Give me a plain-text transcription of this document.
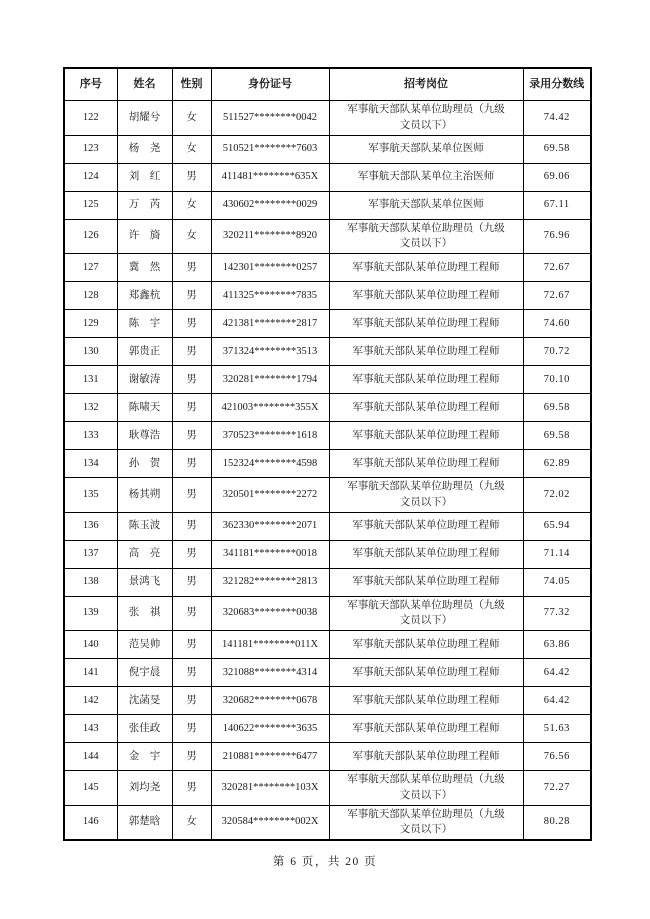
序号	姓名	性别	身份证号	招考岗位	录用分数线
122	胡耀兮	女	511527********0042	军事航天部队某单位助理员（九级文员以下）	74.42
123	杨　尧	女	510521********7603	军事航天部队某单位医师	69.58
124	刘　红	男	411481********635X	军事航天部队某单位主治医师	69.06
125	万　芮	女	430602********0029	军事航天部队某单位医师	67.11
126	许　旖	女	320211********8920	军事航天部队某单位助理员（九级文员以下）	76.96
127	冀　然	男	142301********0257	军事航天部队某单位助理工程师	72.67
128	郑鑫杭	男	411325********7835	军事航天部队某单位助理工程师	72.67
129	陈　宇	男	421381********2817	军事航天部队某单位助理工程师	74.60
130	郭贵正	男	371324********3513	军事航天部队某单位助理工程师	70.72
131	谢敏涛	男	320281********1794	军事航天部队某单位助理工程师	70.10
132	陈啸天	男	421003********355X	军事航天部队某单位助理工程师	69.58
133	耿尊浩	男	370523********1618	军事航天部队某单位助理工程师	69.58
134	孙　贺	男	152324********4598	军事航天部队某单位助理工程师	62.89
135	杨其朔	男	320501********2272	军事航天部队某单位助理员（九级文员以下）	72.02
136	陈玉波	男	362330********2071	军事航天部队某单位助理工程师	65.94
137	高　亮	男	341181********0018	军事航天部队某单位助理工程师	71.14
138	景鸿飞	男	321282********2813	军事航天部队某单位助理工程师	74.05
139	张　祺	男	320683********0038	军事航天部队某单位助理员（九级文员以下）	77.32
140	范吴帅	男	141181********011X	军事航天部队某单位助理工程师	63.86
141	倪宇晨	男	321088********4314	军事航天部队某单位助理工程师	64.42
142	沈菡旻	男	320682********0678	军事航天部队某单位助理工程师	64.42
143	张佳政	男	140622********3635	军事航天部队某单位助理工程师	51.63
144	金　宇	男	210881********6477	军事航天部队某单位助理工程师	76.56
145	刘均尧	男	320281********103X	军事航天部队某单位助理员（九级文员以下）	72.27
146	郭楚晗	女	320584********002X	军事航天部队某单位助理员（九级文员以下）	80.28
第 6 页，共 20 页
